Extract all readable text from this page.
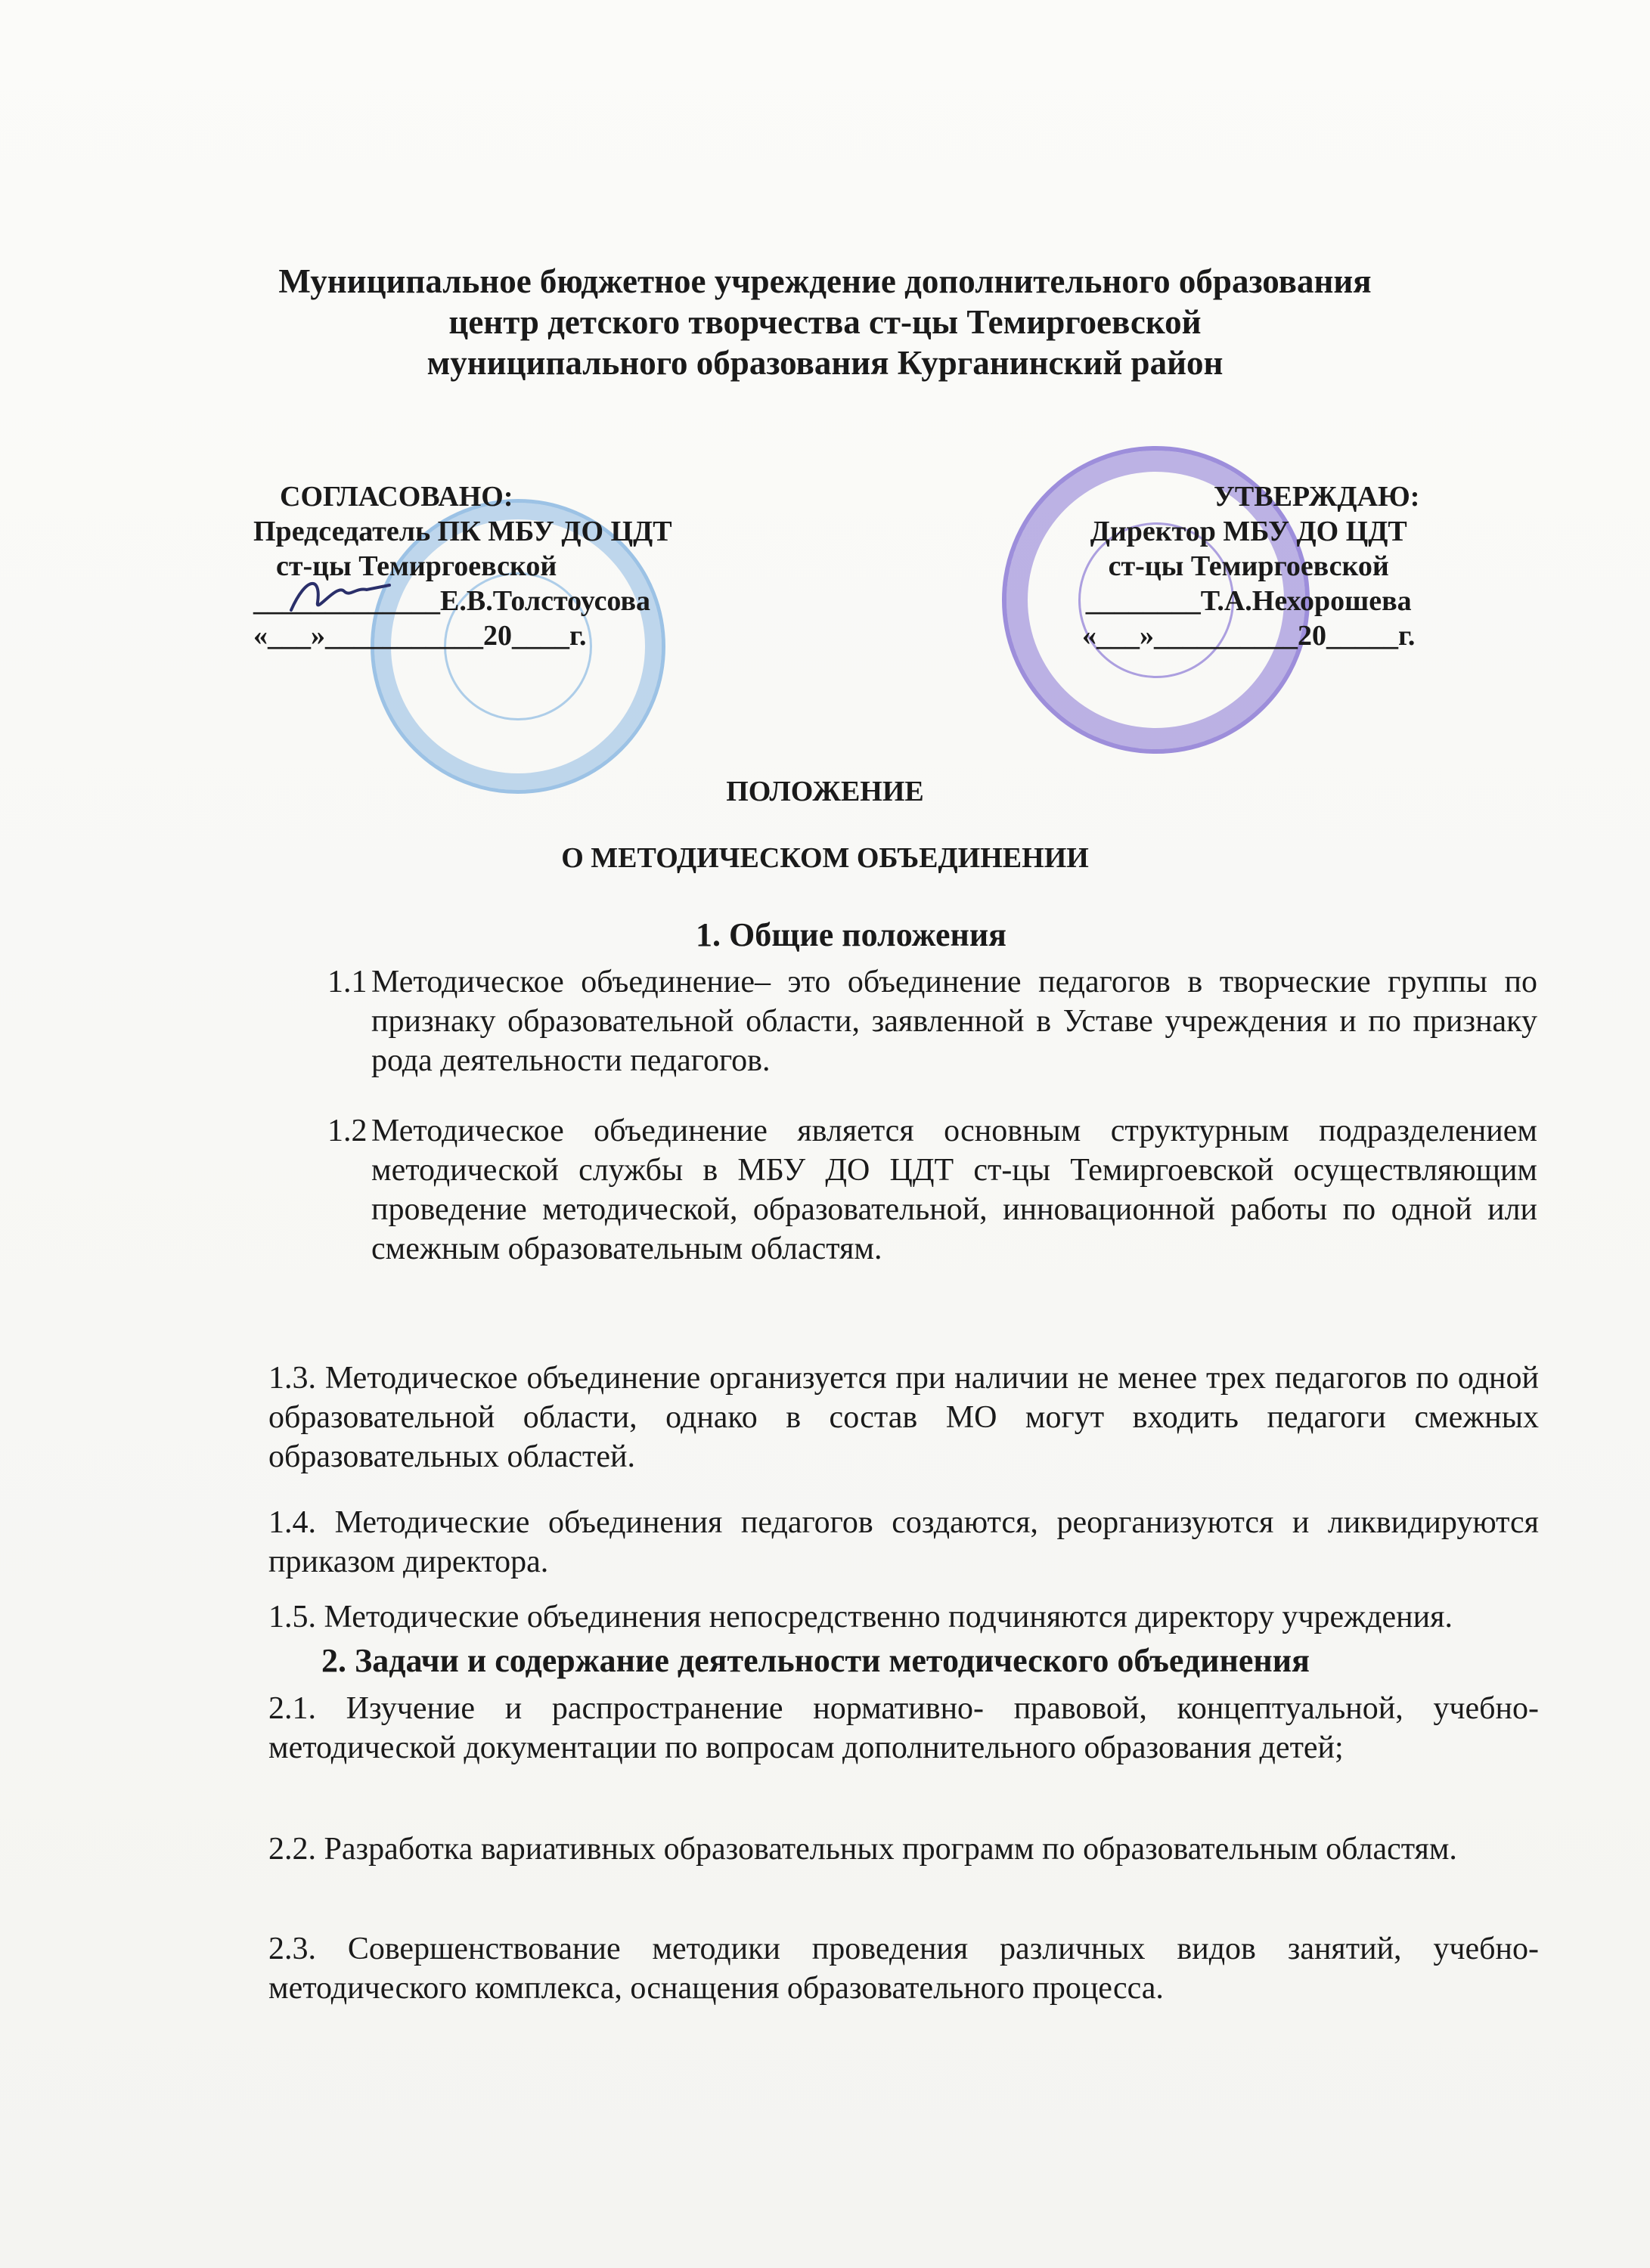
Муниципальное бюджетное учреждение дополнительного образования
центр детского творчества ст-цы Темиргоевской
муниципального образования Курганинский район
СОГЛАСОВАНО:
Председатель ПК МБУ ДО ЦДТ
ст-цы Темиргоевской
_____________Е.В.Толстоусова
«___»___________20____г.
УТВЕРЖДАЮ:
Директор МБУ ДО ЦДТ
ст-цы Темиргоевской
________Т.А.Нехорошева
«___»__________20_____г.
ПОЛОЖЕНИЕ
О МЕТОДИЧЕСКОМ ОБЪЕДИНЕНИИ
1. Общие положения
1.1 Методическое объединение– это объединение педагогов в творческие группы по признаку образовательной области, заявленной в Уставе учреждения и по признаку рода деятельности педагогов.
1.2 Методическое объединение является основным структурным подразделением методической службы в МБУ ДО ЦДТ ст-цы Темиргоевской осуществляющим проведение методической, образовательной, инновационной работы по одной или смежным образовательным областям.
1.3. Методическое объединение организуется при наличии не менее трех педагогов по одной образовательной области, однако в состав МО могут входить педагоги смежных образовательных областей.
1.4. Методические объединения педагогов создаются, реорганизуются и ликвидируются приказом директора.
1.5. Методические объединения непосредственно подчиняются директору учреждения.
2. Задачи и содержание деятельности методического объединения
2.1. Изучение и распространение нормативно- правовой, концептуальной, учебно-методической документации по вопросам дополнительного образования детей;
2.2. Разработка вариативных образовательных программ по образовательным областям.
2.3. Совершенствование методики проведения различных видов занятий, учебно-методического комплекса, оснащения образовательного процесса.
